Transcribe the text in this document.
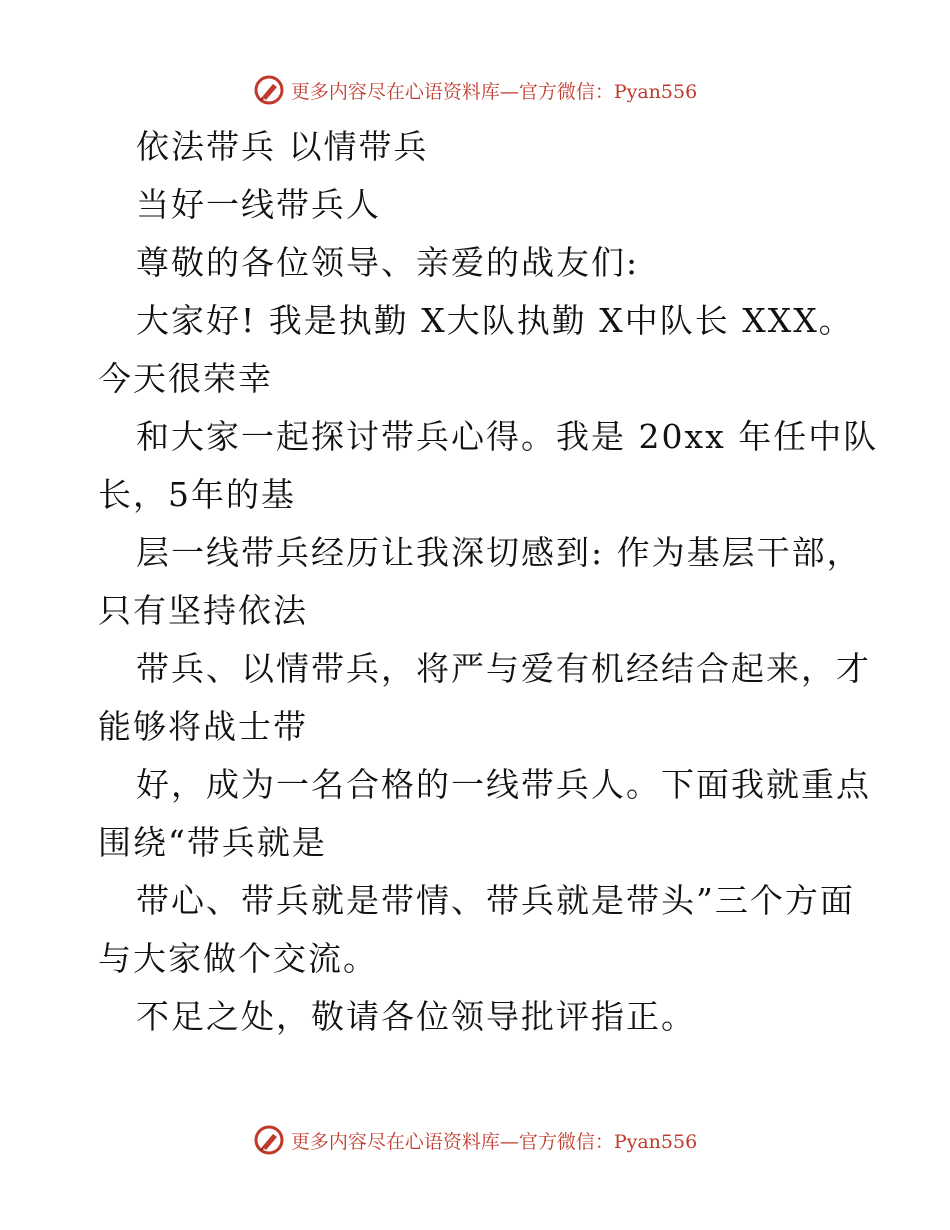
更多内容尽在心语资料库—官方微信：Pyan556
依法带兵 以情带兵
当好一线带兵人
尊敬的各位领导、亲爱的战友们:
大家好! 我是执勤 X大队执勤 X中队长 XXX。
今天很荣幸
和大家一起探讨带兵心得。我是 20xx 年任中队
长，5年的基
层一线带兵经历让我深切感到: 作为基层干部，
只有坚持依法
带兵、以情带兵，将严与爱有机经结合起来，才
能够将战士带
好，成为一名合格的一线带兵人。下面我就重点
围绕“带兵就是
带心、带兵就是带情、带兵就是带头”三个方面
与大家做个交流。
不足之处，敬请各位领导批评指正。
更多内容尽在心语资料库—官方微信：Pyan556
